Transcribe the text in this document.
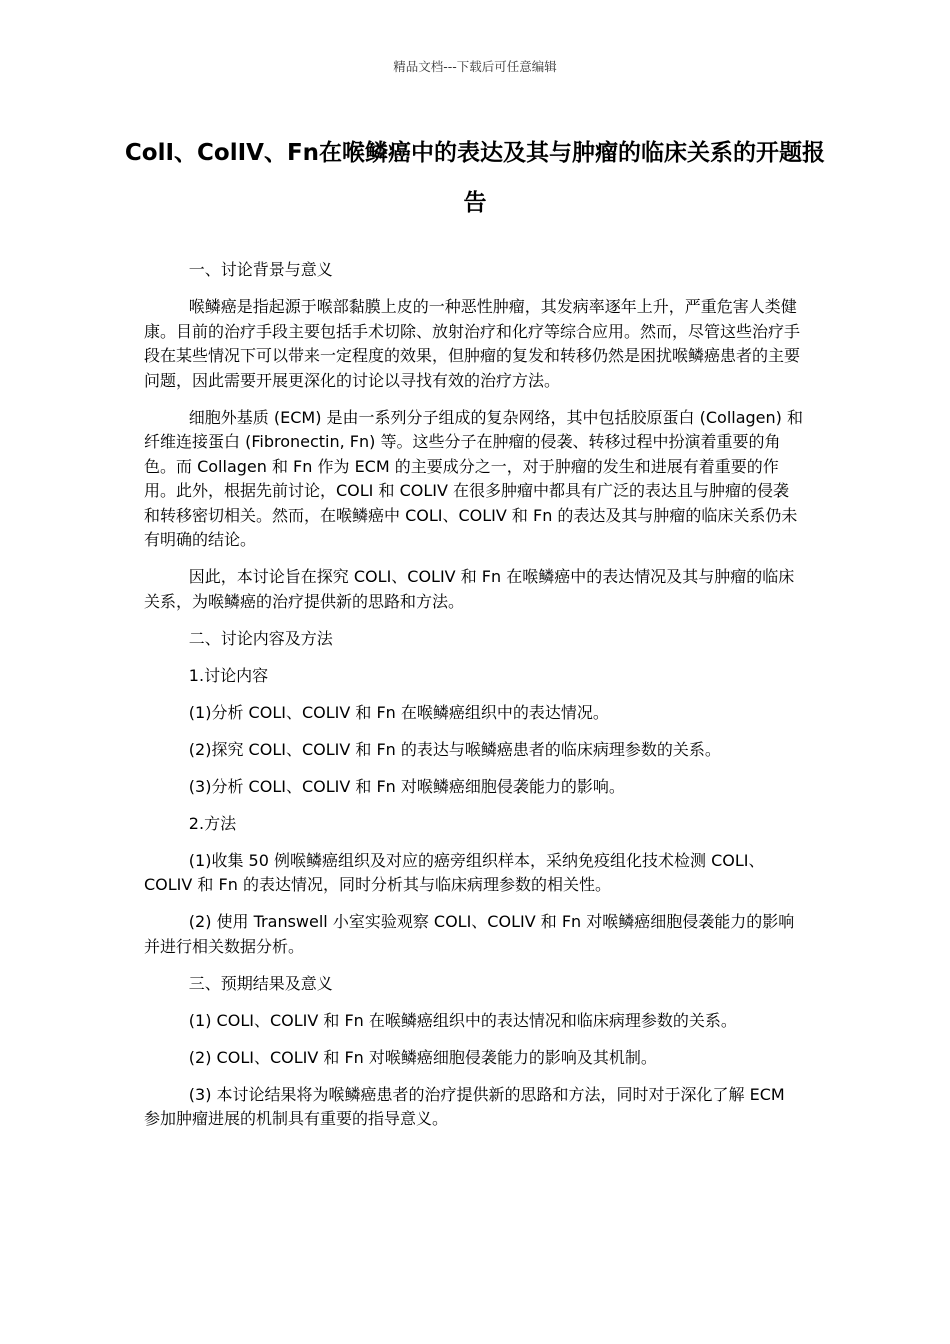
精品文档---下载后可任意编辑
ColI、ColIV、Fn在喉鳞癌中的表达及其与肿瘤的临床关系的开题报告

一、讨论背景与意义

喉鳞癌是指起源于喉部黏膜上皮的一种恶性肿瘤，其发病率逐年上升，严重危害人类健康。目前的治疗手段主要包括手术切除、放射治疗和化疗等综合应用。然而，尽管这些治疗手段在某些情况下可以带来一定程度的效果，但肿瘤的复发和转移仍然是困扰喉鳞癌患者的主要问题，因此需要开展更深化的讨论以寻找有效的治疗方法。

细胞外基质 (ECM) 是由一系列分子组成的复杂网络，其中包括胶原蛋白 (Collagen) 和纤维连接蛋白 (Fibronectin, Fn) 等。这些分子在肿瘤的侵袭、转移过程中扮演着重要的角色。而 Collagen 和 Fn 作为 ECM 的主要成分之一，对于肿瘤的发生和进展有着重要的作用。此外，根据先前讨论，COLI 和 COLIV 在很多肿瘤中都具有广泛的表达且与肿瘤的侵袭和转移密切相关。然而，在喉鳞癌中 COLI、COLIV 和 Fn 的表达及其与肿瘤的临床关系仍未有明确的结论。

因此，本讨论旨在探究 COLI、COLIV 和 Fn 在喉鳞癌中的表达情况及其与肿瘤的临床关系，为喉鳞癌的治疗提供新的思路和方法。

二、讨论内容及方法

1.讨论内容

(1)分析 COLI、COLIV 和 Fn 在喉鳞癌组织中的表达情况。

(2)探究 COLI、COLIV 和 Fn 的表达与喉鳞癌患者的临床病理参数的关系。

(3)分析 COLI、COLIV 和 Fn 对喉鳞癌细胞侵袭能力的影响。

2.方法

(1)收集 50 例喉鳞癌组织及对应的癌旁组织样本，采纳免疫组化技术检测 COLI、COLIV 和 Fn 的表达情况，同时分析其与临床病理参数的相关性。

(2) 使用 Transwell 小室实验观察 COLI、COLIV 和 Fn 对喉鳞癌细胞侵袭能力的影响并进行相关数据分析。

三、预期结果及意义

(1) COLI、COLIV 和 Fn 在喉鳞癌组织中的表达情况和临床病理参数的关系。

(2) COLI、COLIV 和 Fn 对喉鳞癌细胞侵袭能力的影响及其机制。

(3) 本讨论结果将为喉鳞癌患者的治疗提供新的思路和方法，同时对于深化了解 ECM 参加肿瘤进展的机制具有重要的指导意义。
